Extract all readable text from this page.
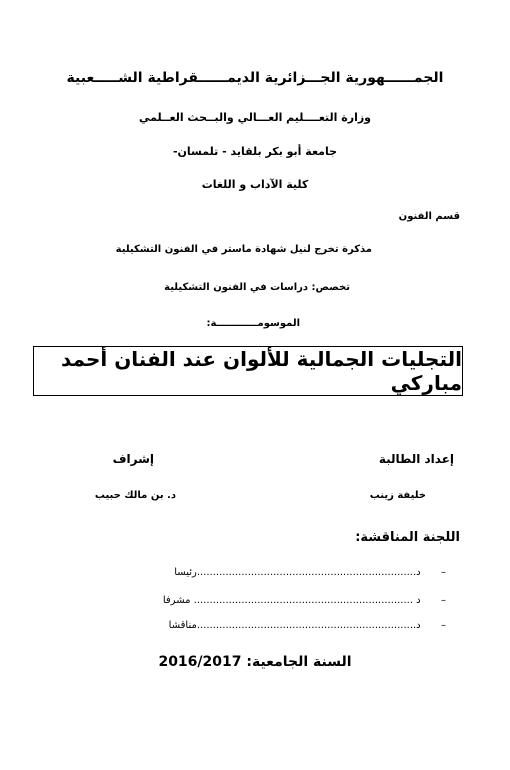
الجمــــــهورية الجـــزائرية الديمــــــقراطية الشـــــعبية
وزارة التعــــليم العـــالي والبــحث العــلمي
جامعة أبو بكر بلقايد - تلمسان-
كلية الآداب و اللغات
قسم الفنون
مذكرة تخرج لنيل شهادة ماستر في الفنون التشكيلية
تخصص: دراسات في الفنون التشكيلية
الموسومــــــــــــة:
التجليات الجمالية للألوان عند الفنان أحمد مباركي
إعداد الطالبة
إشراف
خليفة زينب
د. بن مالك حبيب
اللجنة المناقشة:
–  د.....................................................................رئيسا
–  د ..................................................................... مشرفا
–  د.....................................................................مناقشا
السنة الجامعية: 2016/2017
